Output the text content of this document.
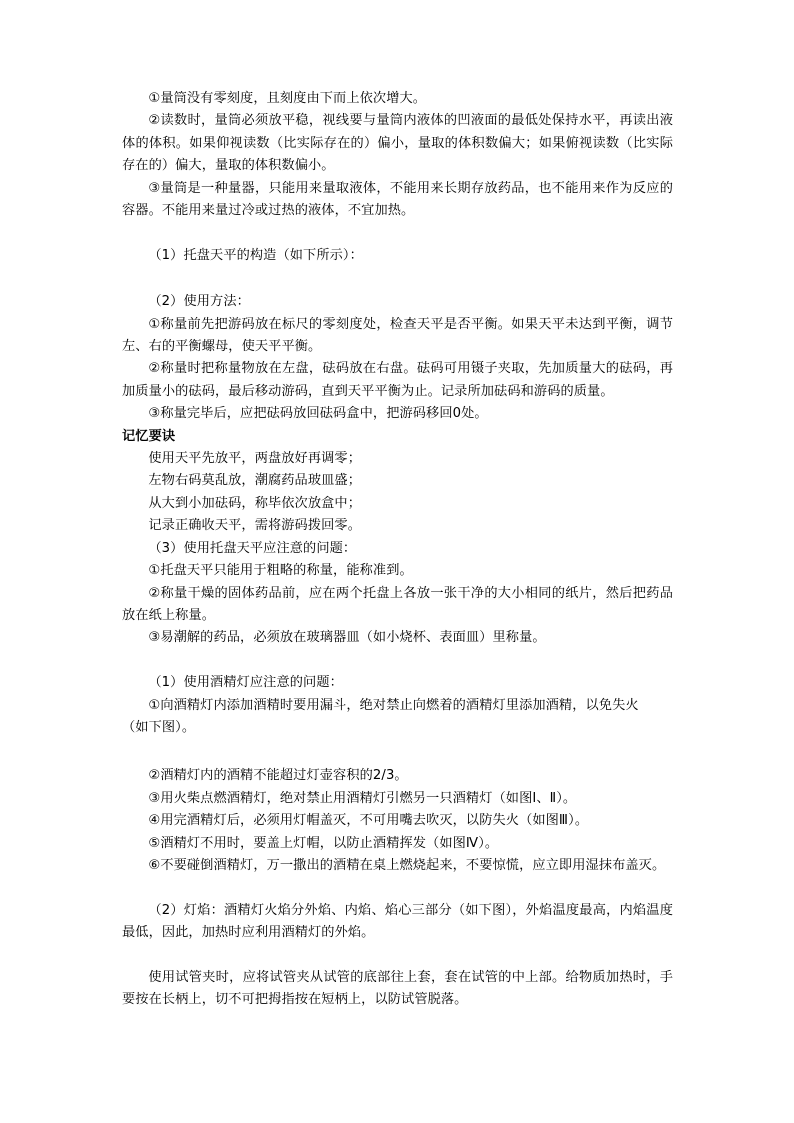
①量筒没有零刻度，且刻度由下而上依次增大。

②读数时，量筒必须放平稳，视线要与量筒内液体的凹液面的最低处保持水平，再读出液体的体积。如果仰视读数（比实际存在的）偏小，量取的体积数偏大；如果俯视读数（比实际存在的）偏大，量取的体积数偏小。

③量筒是一种量器，只能用来量取液体，不能用来长期存放药品，也不能用来作为反应的容器。不能用来量过冷或过热的液体，不宜加热。

（1）托盘天平的构造（如下所示）：

（2）使用方法：

①称量前先把游码放在标尺的零刻度处，检查天平是否平衡。如果天平未达到平衡，调节左、右的平衡螺母，使天平平衡。

②称量时把称量物放在左盘，砝码放在右盘。砝码可用镊子夹取，先加质量大的砝码，再加质量小的砝码，最后移动游码，直到天平平衡为止。记录所加砝码和游码的质量。

③称量完毕后，应把砝码放回砝码盒中，把游码移回0处。

记忆要诀

使用天平先放平，两盘放好再调零；

左物右码莫乱放，潮腐药品玻皿盛；

从大到小加砝码，称毕依次放盒中；

记录正确收天平，需将游码拨回零。

（3）使用托盘天平应注意的问题：

①托盘天平只能用于粗略的称量，能称准到。

②称量干燥的固体药品前，应在两个托盘上各放一张干净的大小相同的纸片，然后把药品放在纸上称量。

③易潮解的药品，必须放在玻璃器皿（如小烧杯、表面皿）里称量。

（1）使用酒精灯应注意的问题：

①向酒精灯内添加酒精时要用漏斗，绝对禁止向燃着的酒精灯里添加酒精，以免失火

（如下图）。

②酒精灯内的酒精不能超过灯壶容积的2/3。

③用火柴点燃酒精灯，绝对禁止用酒精灯引燃另一只酒精灯（如图Ⅰ、Ⅱ）。

④用完酒精灯后，必须用灯帽盖灭，不可用嘴去吹灭，以防失火（如图Ⅲ）。

⑤酒精灯不用时，要盖上灯帽，以防止酒精挥发（如图Ⅳ）。

⑥不要碰倒酒精灯，万一撒出的酒精在桌上燃烧起来，不要惊慌，应立即用湿抹布盖灭。

（2）灯焰：酒精灯火焰分外焰、内焰、焰心三部分（如下图），外焰温度最高，内焰温度最低，因此，加热时应利用酒精灯的外焰。

使用试管夹时，应将试管夹从试管的底部往上套，套在试管的中上部。给物质加热时，手要按在长柄上，切不可把拇指按在短柄上，以防试管脱落。
